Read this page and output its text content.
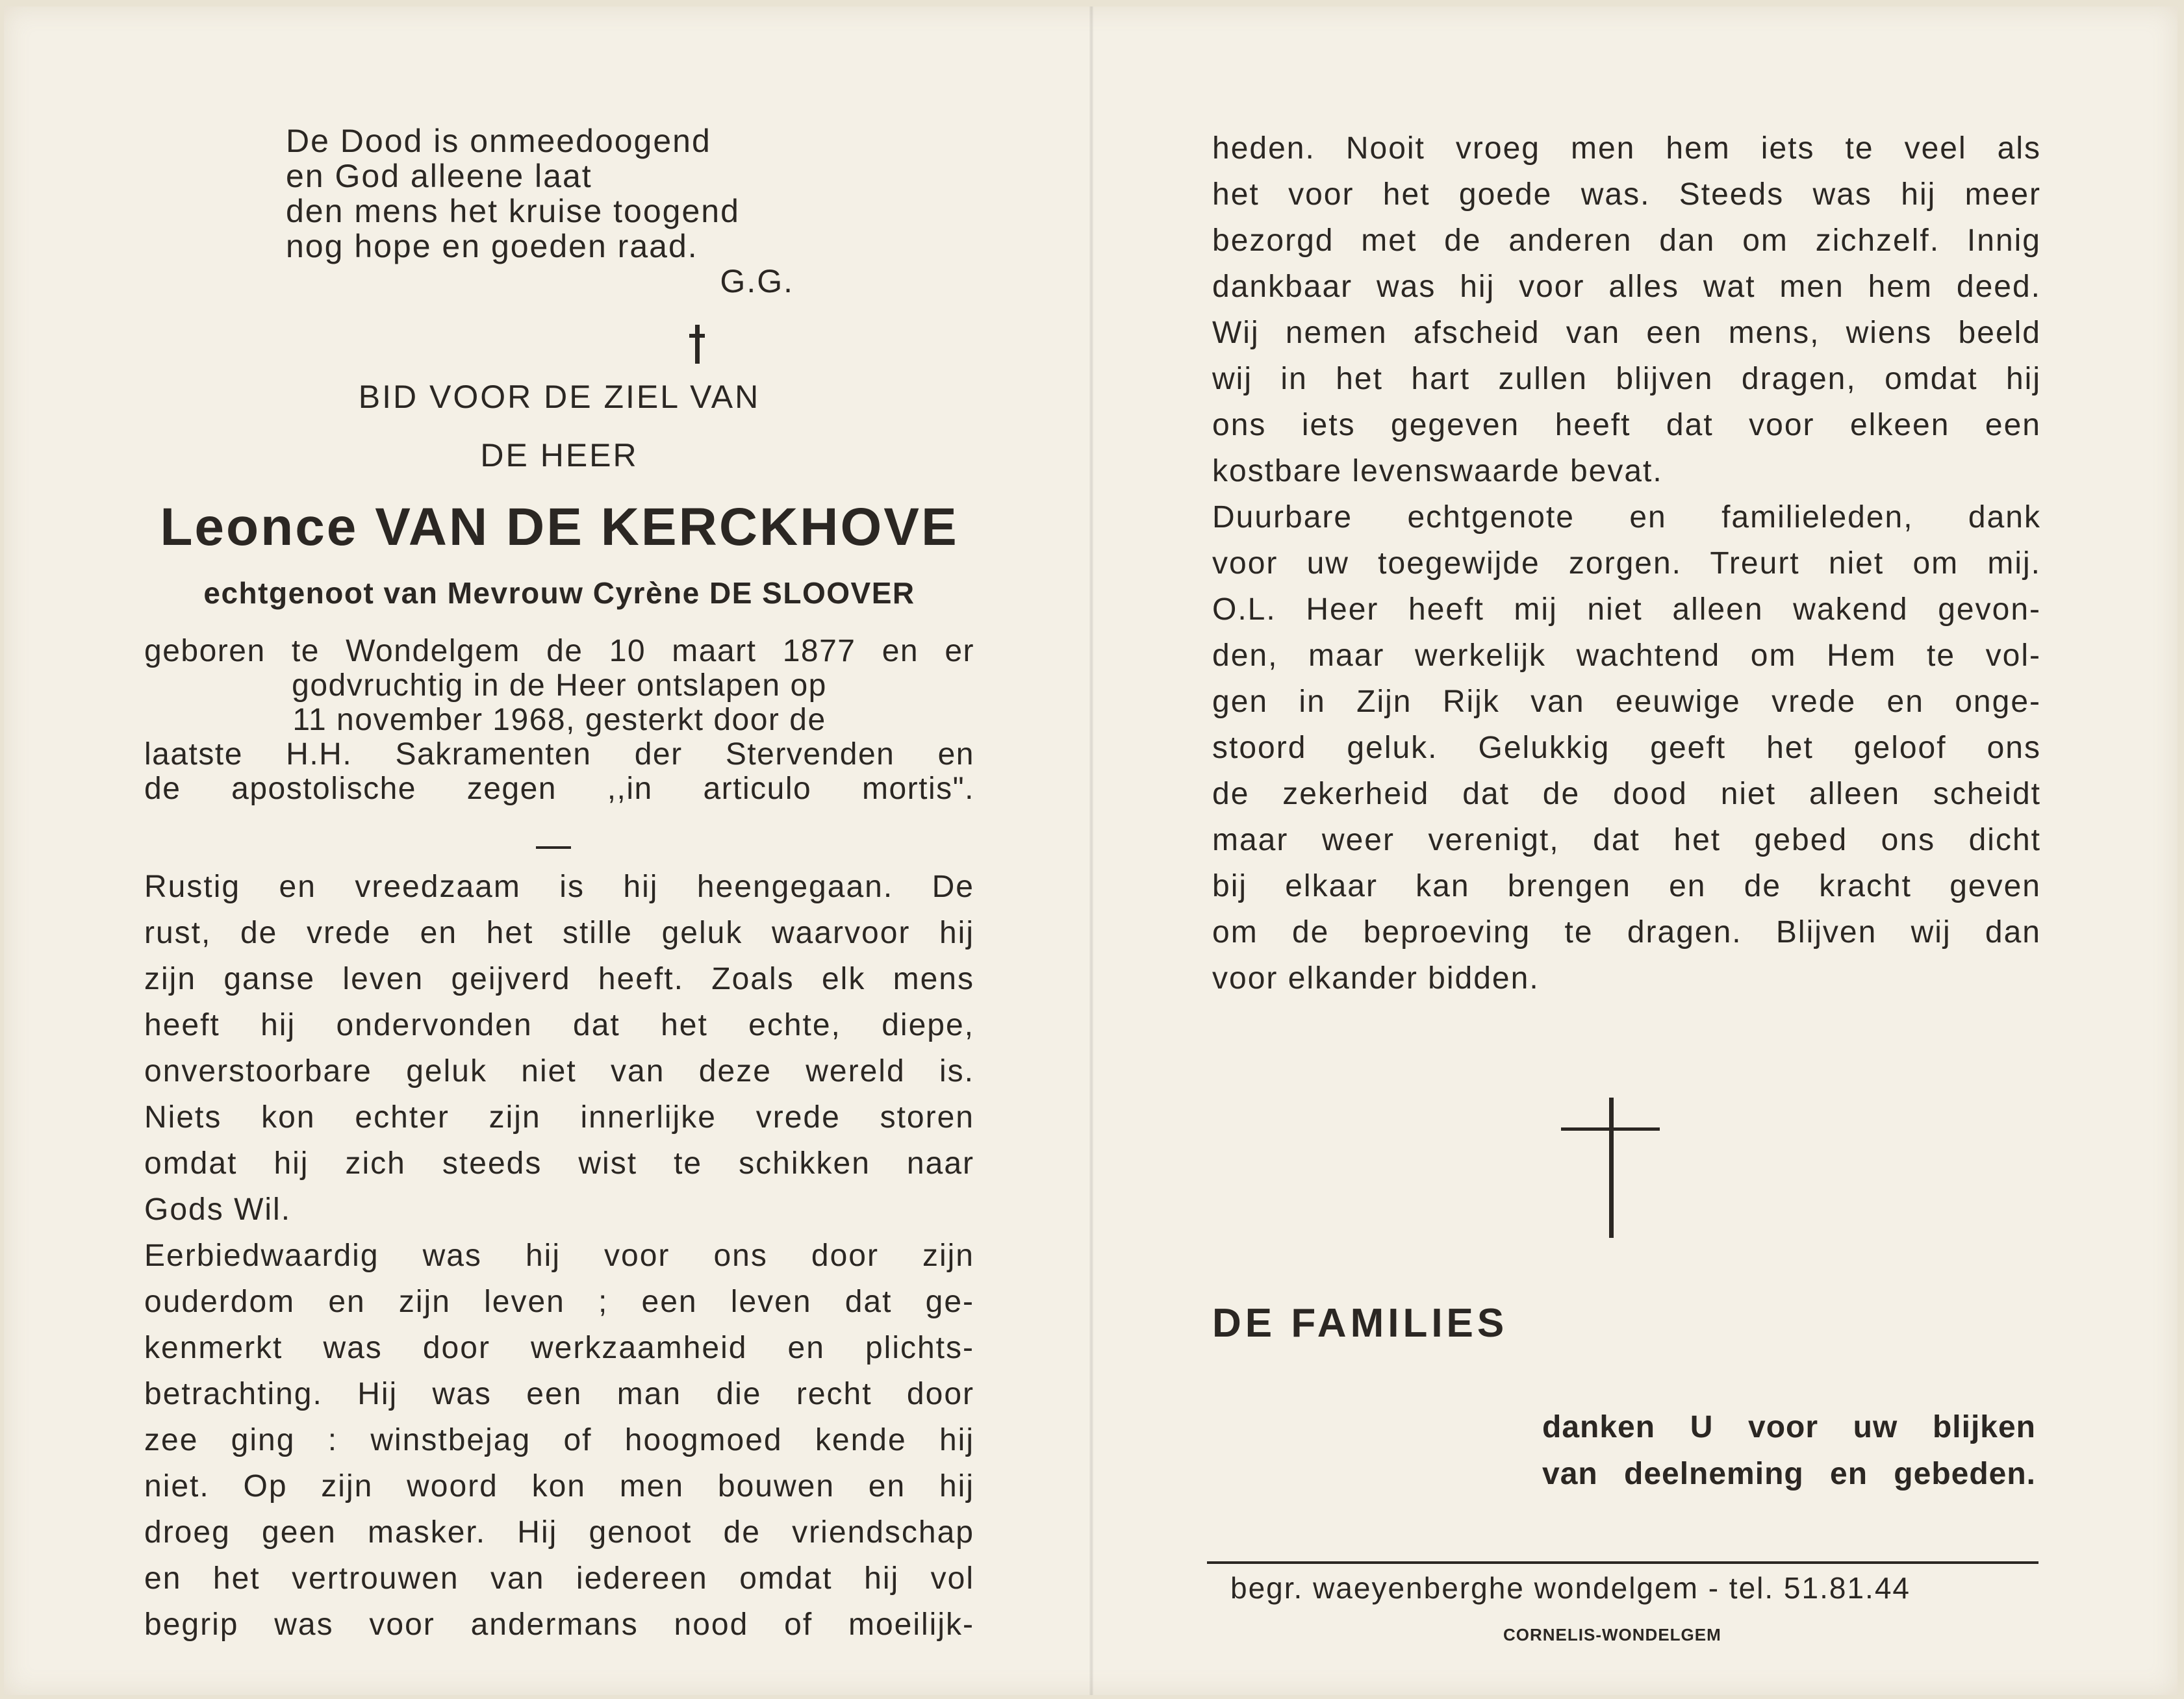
De Dood is onmeedoogend
en God alleene laat
den mens het kruise toogend
nog hope en goeden raad.
G.G.
BID VOOR DE ZIEL VAN
DE HEER
Leonce VAN DE KERCKHOVE
echtgenoot van Mevrouw Cyrène DE SLOOVER
geboren te Wondelgem de 10 maart 1877 en er
godvruchtig in de Heer ontslapen op
11 november 1968, gesterkt door de
laatste H.H. Sakramenten der Stervenden en
de apostolische zegen ,,in articulo mortis".
Rustig en vreedzaam is hij heengegaan. De
rust, de vrede en het stille geluk waarvoor hij
zijn ganse leven geijverd heeft. Zoals elk mens
heeft hij ondervonden dat het echte, diepe,
onverstoorbare geluk niet van deze wereld is.
Niets kon echter zijn innerlijke vrede storen
omdat hij zich steeds wist te schikken naar
Gods Wil.
Eerbiedwaardig was hij voor ons door zijn
ouderdom en zijn leven ; een leven dat ge-
kenmerkt was door werkzaamheid en plichts-
betrachting. Hij was een man die recht door
zee ging : winstbejag of hoogmoed kende hij
niet. Op zijn woord kon men bouwen en hij
droeg geen masker. Hij genoot de vriendschap
en het vertrouwen van iedereen omdat hij vol
begrip was voor andermans nood of moeilijk-
heden. Nooit vroeg men hem iets te veel als
het voor het goede was. Steeds was hij meer
bezorgd met de anderen dan om zichzelf. Innig
dankbaar was hij voor alles wat men hem deed.
Wij nemen afscheid van een mens, wiens beeld
wij in het hart zullen blijven dragen, omdat hij
ons iets gegeven heeft dat voor elkeen een
kostbare levenswaarde bevat.
Duurbare echtgenote en familieleden, dank
voor uw toegewijde zorgen. Treurt niet om mij.
O.L. Heer heeft mij niet alleen wakend gevon-
den, maar werkelijk wachtend om Hem te vol-
gen in Zijn Rijk van eeuwige vrede en onge-
stoord geluk. Gelukkig geeft het geloof ons
de zekerheid dat de dood niet alleen scheidt
maar weer verenigt, dat het gebed ons dicht
bij elkaar kan brengen en de kracht geven
om de beproeving te dragen. Blijven wij dan
voor elkander bidden.
DE FAMILIES
danken U voor uw blijken
van deelneming en gebeden.
begr. waeyenberghe wondelgem - tel. 51.81.44
CORNELIS-WONDELGEM
